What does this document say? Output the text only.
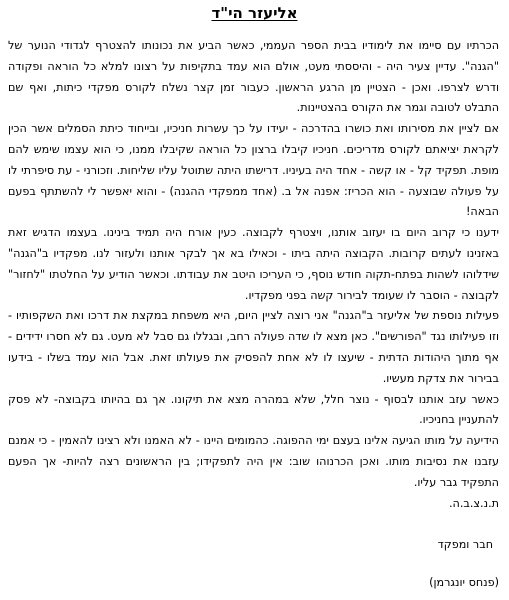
אליעזר הי"ד

הכרתיו עם סיימו את לימודיו בבית הספר העממי, כאשר הביע את נכונותו להצטרף לגדודי הנוער של "הגנה". עדיין צעיר היה - והיססתי מעט, אולם הוא עמד בתקיפות על רצונו למלא כל הוראה ופקודה ודרש לצרפו. ואכן - הצטיין מן הרגע הראשון. כעבור זמן קצר נשלח לקורס מפקדי כיתות, ואף שם התבלט לטובה וגמר את הקורס בהצטיינות.

אם לציין את מסירותו ואת כושרו בהדרכה - יעידו על כך עשרות חניכיו, ובייחוד כיתת הסמלים אשר הכין לקראת יציאתם לקורס מדריכים. חניכיו קיבלו ברצון כל הוראה שקיבלו ממנו, כי הוא עצמו שימש להם מופת. תפקיד קל - או קשה - אחד היה בעיניו. דרישתו היתה שתוטל עליו שליחות. וזכורני - עת סיפרתי לו על פעולה שבוצעה - הוא הכריז: אפנה אל ב. (אחד ממפקדי ההגנה) - והוא יאפשר לי להשתתף בפעם הבאה!

ידענו כי קרוב היום בו יעזוב אותנו, ויצטרף לקבוצה. כעין אורח היה תמיד בינינו. בעצמו הדגיש זאת באזנינו לעתים קרובות. הקבוצה היתה ביתו - וכאילו בא אך לבקר אותנו ולעזור לנו. מפקדיו ב"הגנה" שידלוהו לשהות בפתח-תקוה חודש נוסף, כי העריכו היטב את עבודתו. וכאשר הודיע על החלטתו "לחזור" לקבוצה - הוסבר לו שעומד לבירור קשה בפני מפקדיו.

פעילות נוספת של אליעזר ב"הגנה" אני רוצה לציין היום, היא משפחת במקצת את דרכו ואת השקפותיו - וזו פעילותו נגד "הפורשים". כאן מצא לו שדה פעולה רחב, ובגללו גם סבל לא מעט. גם לא חסרו ידידים - אף מתוך היהודות הדתית - שיעצו לו לא אחת להפסיק את פעולתו זאת. אבל הוא עמד בשלו - בידעו בבירור את צדקת מעשיו.

כאשר עזב אותנו לבסוף - נוצר חלל, שלא במהרה מצא את תיקונו. אך גם בהיותו בקבוצה- לא פסק להתעניין בחניכיו.

הידיעה על מותו הגיעה אלינו בעצם ימי ההפוגה. כהמומים היינו - לא האמנו ולא רצינו להאמין - כי אמנם עזבנו את נסיבות מותו. ואכן הכרנוהו שוב: אין היה לתפקידו; בין הראשונים רצה להיות- אך הפעם התפקיד גבר עליו.

ת.נ.צ.ב.ה.

חבר ומפקד
(פנחס יונגרמן)
